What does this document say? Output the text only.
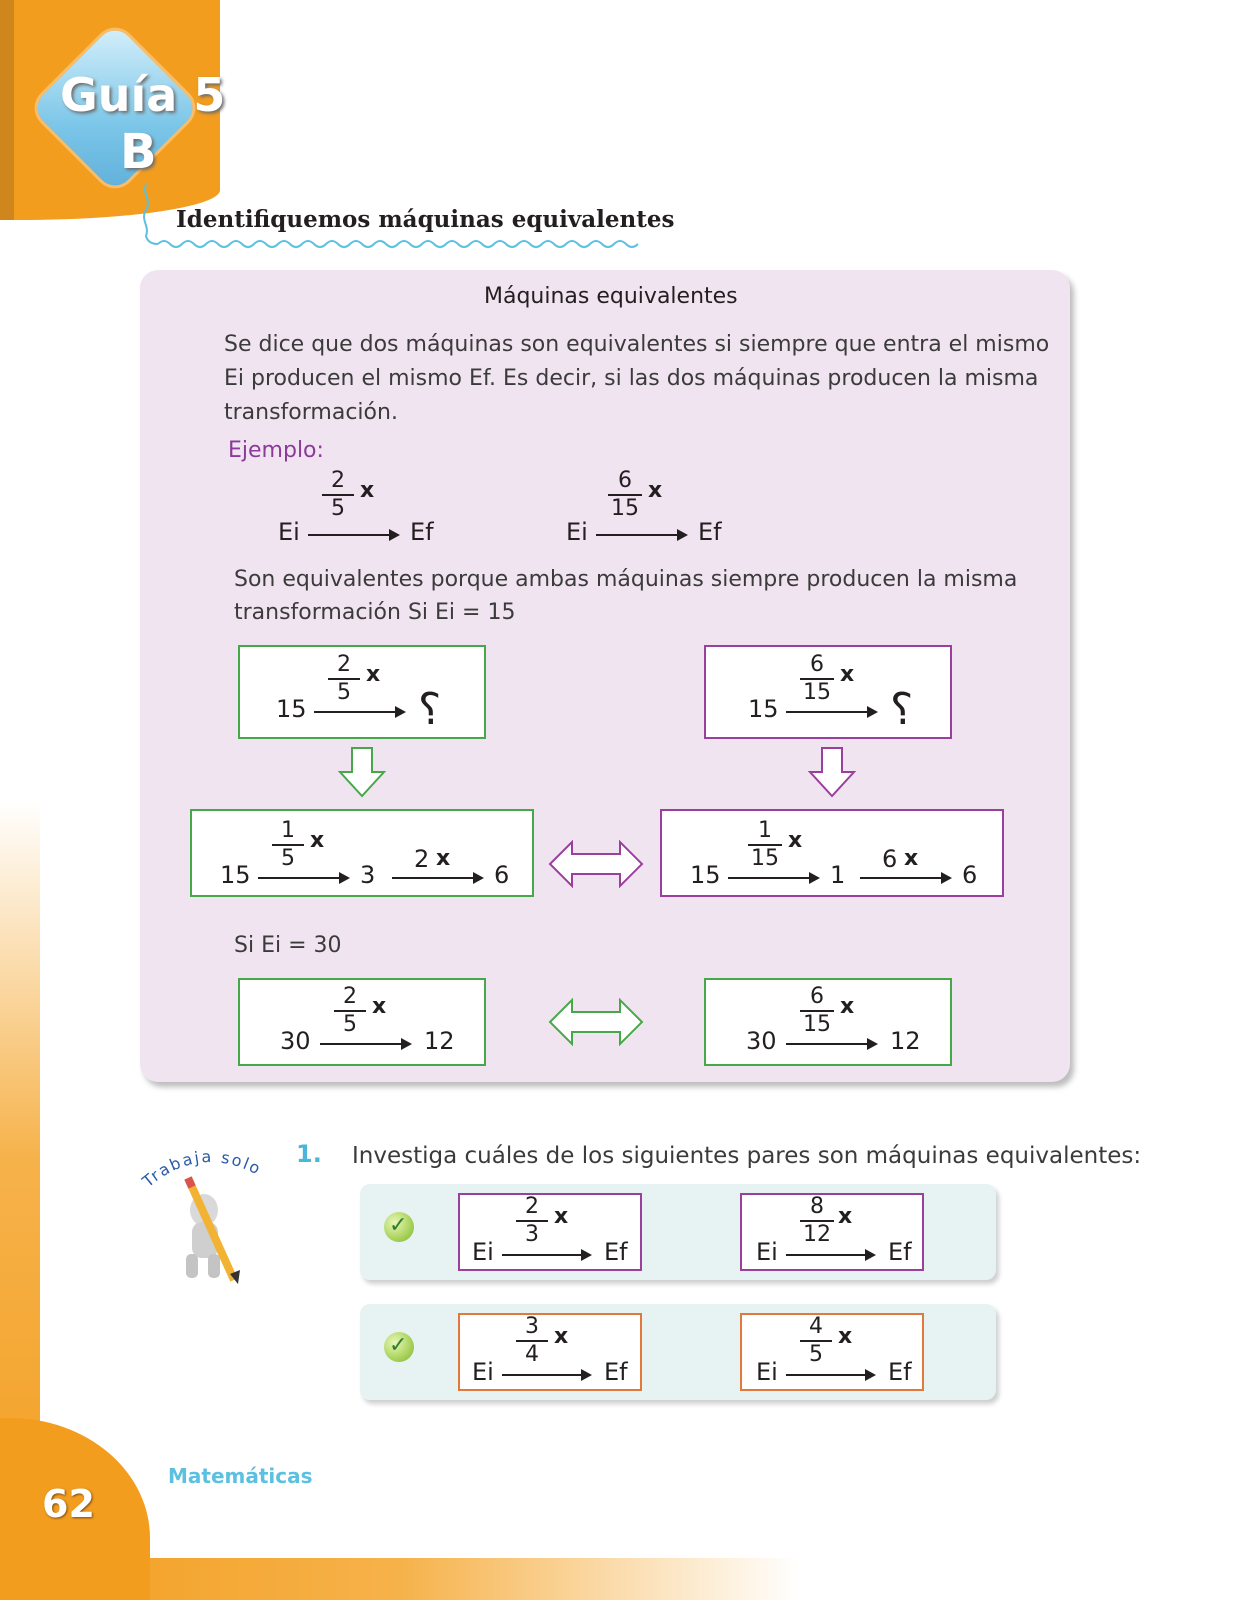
Guía 5
B
Identifiquemos máquinas equivalentes
Máquinas equivalentes
Se dice que dos máquinas son equivalentes si siempre que entra el mismo
Ei producen el mismo Ef. Es decir, si las dos máquinas producen la misma
transformación.
Ejemplo:
Ei
2
5
x
Ef	Ei
6
15
x
Ef
Son equivalentes porque ambas máquinas siempre producen la misma
transformación Si Ei = 15
15
2
5
x
?	15
6
15
x
?
15
1
5
x
3
2 x
6	15
1
15
x
1
6 x
6
Si Ei = 30
30
2
5
x
12	30
6
15
x
12
Trabaja solo 1. Investiga cuáles de los siguientes pares son máquinas equivalentes:
✓
Ei
2
3
x
Ef	Ei
8
12
x
Ef
✓
Ei
3
4
x
Ef	Ei
4
5
x
Ef
62
Matemáticas
